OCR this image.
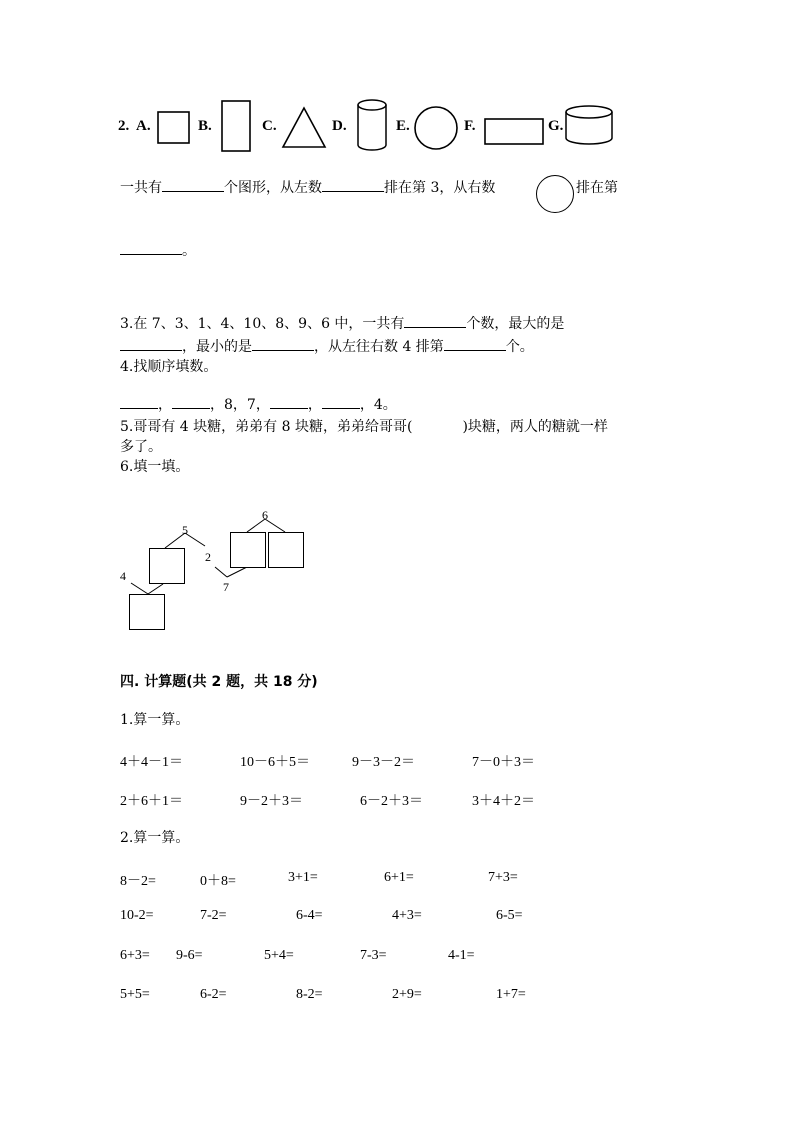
2. A.	B.	C.	D.	E.	F.	G.
一共有	个图形，从左数	排在第 3，从右数	排在第
。
3.在 7、3、1、4、10、8、9、6 中，一共有	个数，最大的是
，最小的是	，从左往右数 4 排第	个。
4.找顺序填数。
，	，8，7，	，	，4。
5.哥哥有 4 块糖，弟弟有 8 块糖，弟弟给哥哥(	)块糖，两人的糖就一样
多了。
6.填一填。
5
2
4
6
7
四. 计算题(共 2 题，共 18 分)
1.算一算。
4＋4－1＝	10－6＋5＝	9－3－2＝	7－0＋3＝
2＋6＋1＝	9－2＋3＝	6－2＋3＝	3＋4＋2＝
2.算一算。
8－2=	0＋8=	3+1=	6+1=	7+3=
10-2=	7-2=	6-4=	4+3=	6-5=
6+3= 9-6=	5+4=	7-3=	4-1=
5+5=	6-2=	8-2=	2+9=	1+7=
